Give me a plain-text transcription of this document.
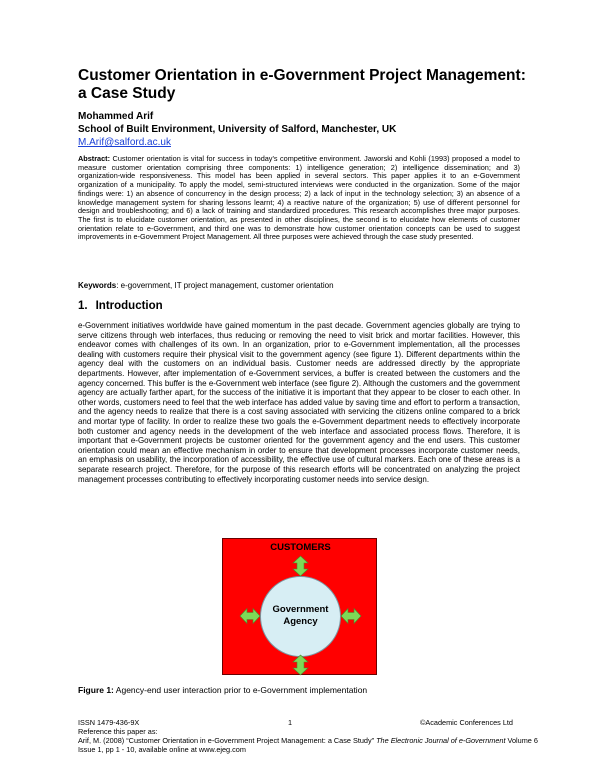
Customer Orientation in e-Government Project Management: a Case Study
Mohammed Arif
School of Built Environment, University of Salford, Manchester, UK
M.Arif@salford.ac.uk
Abstract: Customer orientation is vital for success in today's competitive environment. Jaworski and Kohli (1993) proposed a model to measure customer orientation comprising three components: 1) intelligence generation; 2) intelligence dissemination; and 3) organization-wide responsiveness. This model has been applied in several sectors. This paper applies it to an e-Government organization of a municipality. To apply the model, semi-structured interviews were conducted in the organization. Some of the major findings were: 1) an absence of concurrency in the design process; 2) a lack of input in the technology selection; 3) an absence of a knowledge management system for sharing lessons learnt; 4) a reactive nature of the organization; 5) use of different personnel for design and troubleshooting; and 6) a lack of training and standardized procedures. This research accomplishes three major purposes. The first is to elucidate customer orientation, as presented in other disciplines, the second is to elucidate how elements of customer orientation relate to e-Government, and third one was to demonstrate how customer orientation concepts can be used to suggest improvements in e-Government Project Management. All three purposes were achieved through the case study presented.
Keywords: e-government, IT project management, customer orientation
1. Introduction
e-Government initiatives worldwide have gained momentum in the past decade. Government agencies globally are trying to serve citizens through web interfaces, thus reducing or removing the need to visit brick and mortar facilities. However, this endeavor comes with challenges of its own. In an organization, prior to e-Government implementation, all the processes dealing with customers require their physical visit to the government agency (see figure 1). Different departments within the agency deal with the customers on an individual basis. Customer needs are addressed directly by the appropriate departments. However, after implementation of e-Government services, a buffer is created between the customers and the agency concerned. This buffer is the e-Government web interface (see figure 2). Although the customers and the government agency are actually farther apart, for the success of the initiative it is important that they appear to be closer to each other. In other words, customers need to feel that the web interface has added value by saving time and effort to perform a transaction, and the agency needs to realize that there is a cost saving associated with servicing the citizens online compared to a brick and mortar type of facility. In order to realize these two goals the e-Government department needs to effectively incorporate both customer and agency needs in the development of the web interface and associated process flows. Therefore, it is important that e-Government projects be customer oriented for the government agency and the end users. This customer orientation could mean an effective mechanism in order to ensure that development processes incorporate customer needs, an emphasis on usability, the incorporation of accessibility, the effective use of cultural markers. Each one of these areas is a separate research project. Therefore, for the purpose of this research efforts will be concentrated on analyzing the project management processes contributing to effectively incorporating customer needs into service design.
CUSTOMERS
Government
Agency
Figure 1: Agency-end user interaction prior to e-Government implementation
ISSN 1479-436-9X	1	©Academic Conferences Ltd
Reference this paper as:
Arif, M. (2008) “Customer Orientation in e-Government Project Management: a Case Study” The Electronic Journal of e-Government Volume 6 Issue 1, pp 1 - 10, available online at www.ejeg.com
